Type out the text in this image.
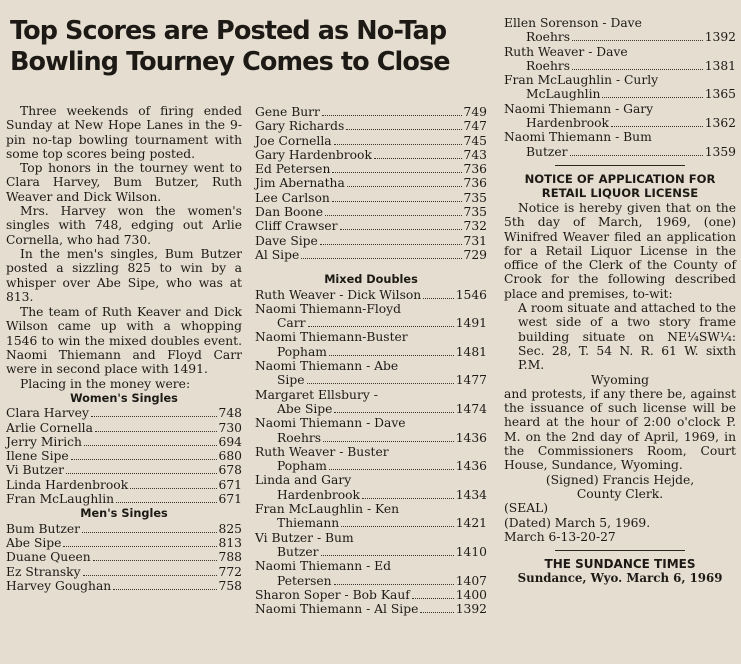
Top Scores are Posted as No-Tap
Bowling Tourney Comes to Close

Three weekends of firing ended Sunday at New Hope Lanes in the 9-pin no-tap bowling tournament with some top scores being posted.

Top honors in the tourney went to Clara Harvey, Bum Butzer, Ruth Weaver and Dick Wilson.

Mrs. Harvey won the women's singles with 748, edging out Arlie Cornella, who had 730.

In the men's singles, Bum Butzer posted a sizzling 825 to win by a whisper over Abe Sipe, who was at 813.

The team of Ruth Keaver and Dick Wilson came up with a whopping 1546 to win the mixed doubles event. Naomi Thiemann and Floyd Carr were in second place with 1491.

Placing in the money were:

Women's Singles
Clara Harvey	748
Arlie Cornella	730
Jerry Mirich	694
Ilene Sipe	680
Vi Butzer	678
Linda Hardenbrook	671
Fran McLaughlin	671
Men's Singles
Bum Butzer	825
Abe Sipe	813
Duane Queen	788
Ez Stransky	772
Harvey Goughan	758
Gene Burr	749
Gary Richards	747
Joe Cornella	745
Gary Hardenbrook	743
Ed Petersen	736
Jim Abernatha	736
Lee Carlson	735
Dan Boone	735
Cliff Crawser	732
Dave Sipe	731
Al Sipe	729
Mixed Doubles
Ruth Weaver - Dick Wilson	1546
Naomi Thiemann-Floyd
Carr	1491
Naomi Thiemann-Buster
Popham	1481
Naomi Thiemann - Abe
Sipe	1477
Margaret Ellsbury -
Abe Sipe	1474
Naomi Thiemann - Dave
Roehrs	1436
Ruth Weaver - Buster
Popham	1436
Linda and Gary
Hardenbrook	1434
Fran McLaughlin - Ken
Thiemann	1421
Vi Butzer - Bum
Butzer	1410
Naomi Thiemann - Ed
Petersen	1407
Sharon Soper - Bob Kauf	1400
Naomi Thiemann - Al Sipe	1392
Ellen Sorenson - Dave
Roehrs	1392
Ruth Weaver - Dave
Roehrs	1381
Fran McLaughlin - Curly
McLaughlin	1365
Naomi Thiemann - Gary
Hardenbrook	1362
Naomi Thiemann - Bum
Butzer	1359
NOTICE OF APPLICATION FOR
RETAIL LIQUOR LICENSE

Notice is hereby given that on the 5th day of March, 1969, (one) Winifred Weaver filed an application for a Retail Liquor License in the office of the Clerk of the County of Crook for the following described place and premises, to-wit:

A room situate and attached to the west side of a two story frame building situate on NE¼SW¼: Sec. 28, T. 54 N. R. 61 W. sixth P.M.
Wyoming

and protests, if any there be, against the issuance of such license will be heard at the hour of 2:00 o'clock P. M. on the 2nd day of April, 1969, in the Commissioners Room, Court House, Sundance, Wyoming.

(Signed) Francis Hejde,
County Clerk.
(SEAL)
(Dated) March 5, 1969.
March 6-13-20-27
THE SUNDANCE TIMES
Sundance, Wyo. March 6, 1969
